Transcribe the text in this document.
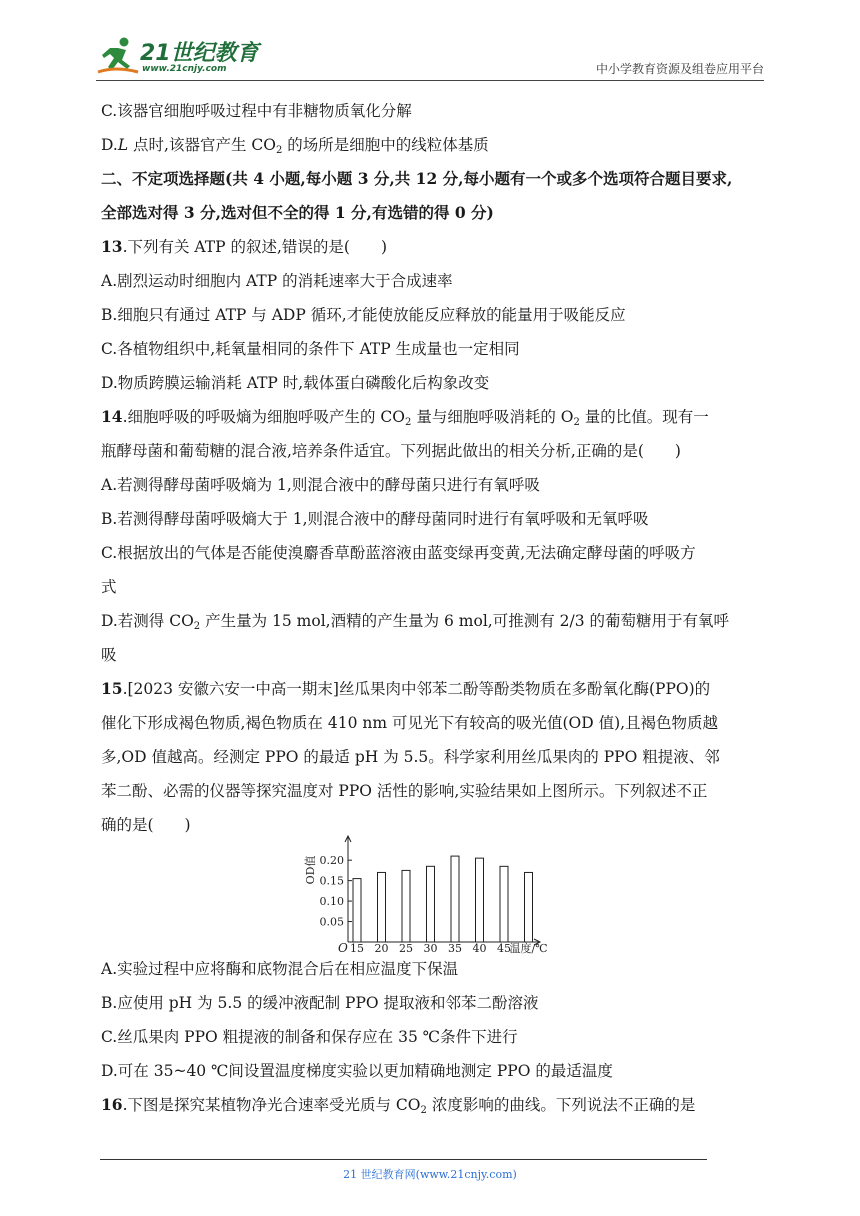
21世纪教育
www.21cnjy.com	中小学教育资源及组卷应用平台
C.该器官细胞呼吸过程中有非糖物质氧化分解
D.L 点时,该器官产生 $CO_2$ 的场所是细胞中的线粒体基质
二、不定项选择题(共 4 小题,每小题 3 分,共 12 分,每小题有一个或多个选项符合题目要求,
全部选对得 3 分,选对但不全的得 1 分,有选错的得 0 分)
13.下列有关 ATP 的叙述,错误的是(　　)
A.剧烈运动时细胞内 ATP 的消耗速率大于合成速率
B.细胞只有通过 ATP 与 ADP 循环,才能使放能反应释放的能量用于吸能反应
C.各植物组织中,耗氧量相同的条件下 ATP 生成量也一定相同
D.物质跨膜运输消耗 ATP 时,载体蛋白磷酸化后构象改变
14.细胞呼吸的呼吸熵为细胞呼吸产生的 $CO_2$ 量与细胞呼吸消耗的 $O_2$ 量的比值。现有一
瓶酵母菌和葡萄糖的混合液,培养条件适宜。下列据此做出的相关分析,正确的是(　　)
A.若测得酵母菌呼吸熵为 1,则混合液中的酵母菌只进行有氧呼吸
B.若测得酵母菌呼吸熵大于 1,则混合液中的酵母菌同时进行有氧呼吸和无氧呼吸
C.根据放出的气体是否能使溴麝香草酚蓝溶液由蓝变绿再变黄,无法确定酵母菌的呼吸方
式
D.若测得 $CO_2$ 产生量为 15 mol,酒精的产生量为 6 mol,可推测有 2/3 的葡萄糖用于有氧呼
吸
15.[2023 安徽六安一中高一期末]丝瓜果肉中邻苯二酚等酚类物质在多酚氧化酶(PPO)的
催化下形成褐色物质,褐色物质在 410 nm 可见光下有较高的吸光值(OD 值),且褐色物质越
多,OD 值越高。经测定 PPO 的最适 pH 为 5.5。科学家利用丝瓜果肉的 PPO 粗提液、邻
苯二酚、必需的仪器等探究温度对 PPO 活性的影响,实验结果如上图所示。下列叙述不正
确的是(　　)
A.实验过程中应将酶和底物混合后在相应温度下保温
B.应使用 pH 为 5.5 的缓冲液配制 PPO 提取液和邻苯二酚溶液
C.丝瓜果肉 PPO 粗提液的制备和保存应在 35 ℃条件下进行
D.可在 35~40 ℃间设置温度梯度实验以更加精确地测定 PPO 的最适温度
16.下图是探究某植物净光合速率受光质与 $CO_2$ 浓度影响的曲线。下列说法不正确的是
0.05
0.10
0.15
0.20
OD值
O 15 20 25 30 35 40 45
温度/℃
21 世纪教育网(www.21cnjy.com)
